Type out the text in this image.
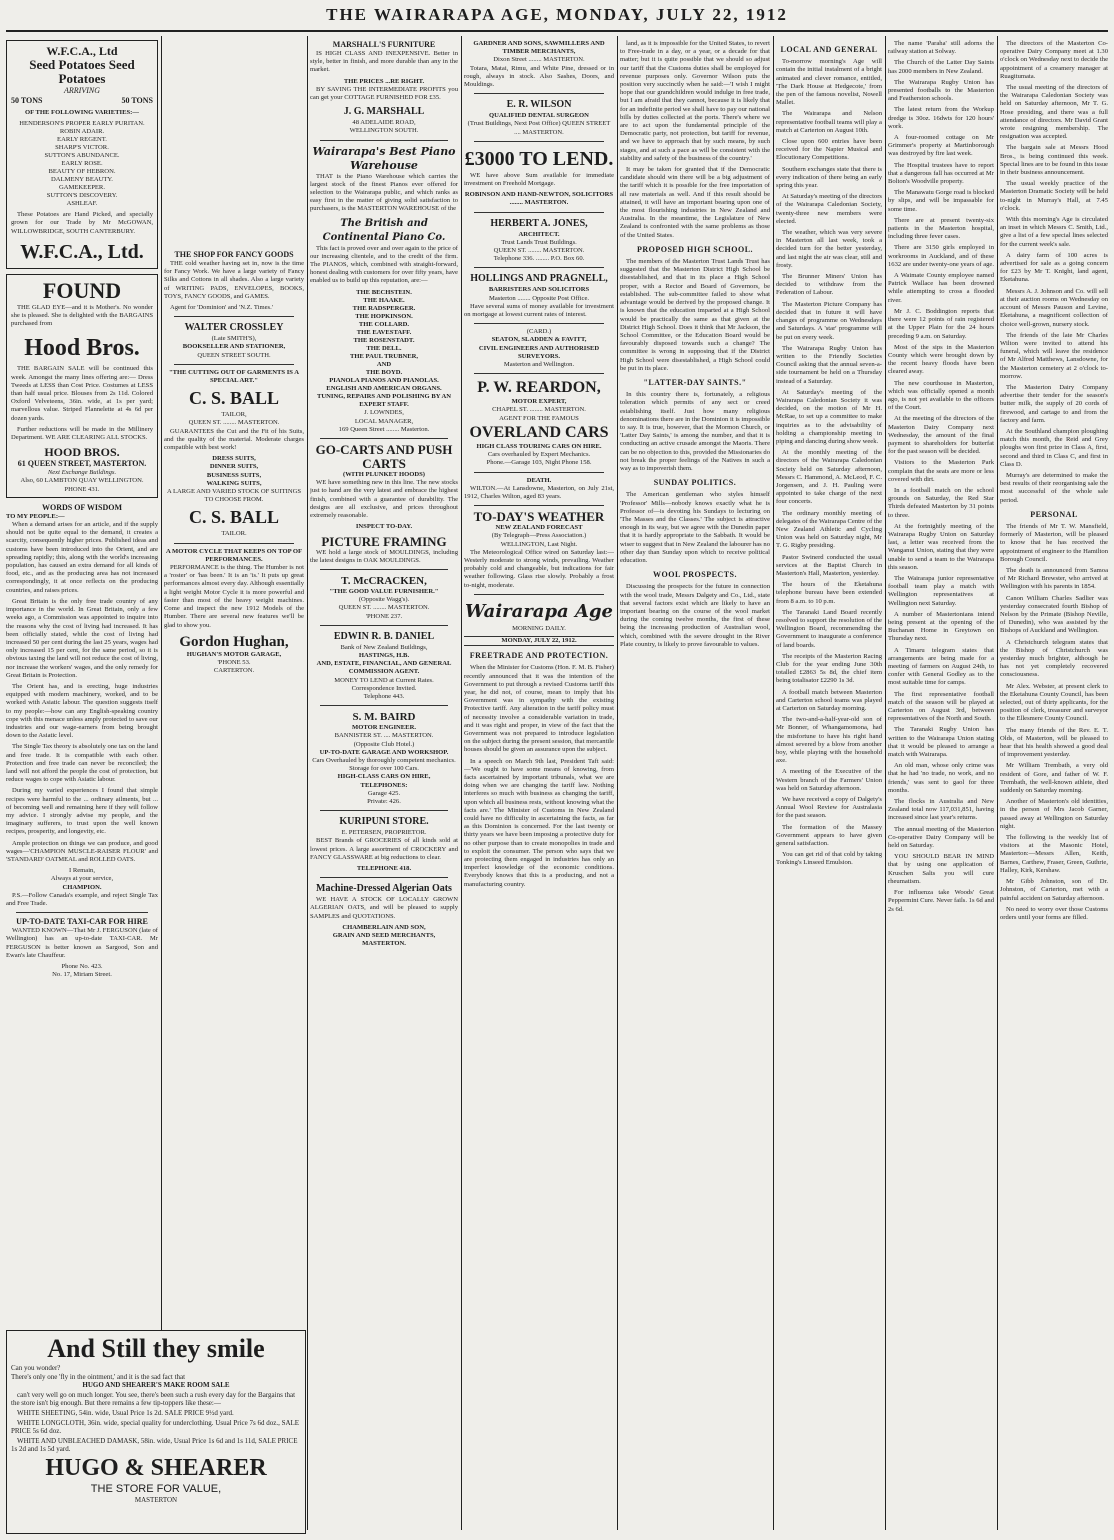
THE WAIRARAPA AGE, MONDAY, JULY 22, 1912
W.F.C.A., Ltd
Seed Potatoes Seed Potatoes
ARRIVING
50 TONS	50 TONS
OF THE FOLLOWING VARIETIES:—
HENDERSON'S PROPER EARLY PURITAN.
ROBIN ADAIR.
EARLY REGENT.
SHARP'S VICTOR.
SUTTON'S ABUNDANCE.
EARLY ROSE.
BEAUTY OF HEBRON.
DALMENY BEAUTY.
GAMEKEEPER.
SUTTON'S DISCOVERY.
ASHLEAF.

These Potatoes are Hand Picked, and specially grown for our Trade by Mr McGOWAN, WILLOWBRIDGE, SOUTH CANTERBURY.

W.F.C.A., Ltd.
FOUND

THE GLAD EYE—and it is Mother's. No wonder she is pleased. She is delighted with the BARGAINS purchased from

Hood Bros.

THE BARGAIN SALE will be continued this week. Amongst the many lines offering are:— Dress Tweeds at LESS than Cost Price. Costumes at LESS than half usual price. Blouses from 2s 11d. Colored Oxford Velveteens, 36in. wide, at 1s per yard; marvellous value. Striped Flannelette at 4s 6d per dozen yards.

Further reductions will be made in the Millinery Department. WE ARE CLEARING ALL STOCKS.

HOOD BROS.
61 QUEEN STREET, MASTERTON.
Next Exchange Buildings.
Also, 60 LAMBTON QUAY WELLINGTON.
PHONE 431.
WORDS OF WISDOM
TO MY PEOPLE:—

When a demand arises for an article, and if the supply should not be quite equal to the demand, it creates a scarcity, consequently higher prices. Published ideas and customs have been introduced into the Orient, and are spreading rapidly; this, along with the world's increasing population, has caused an extra demand for all kinds of food, etc., and as the producing area has not increased correspondingly, it at once reflects on the producing countries, and raises prices.

Great Britain is the only free trade country of any importance in the world. In Great Britain, only a few weeks ago, a Commission was appointed to inquire into the reasons why the cost of living had increased. It has been officially stated, while the cost of living had increased 50 per cent during the last 25 years, wages had only increased 15 per cent, for the same period, so it is obvious taxing the land will not reduce the cost of living, nor increase the workers' wages, and the only remedy for Great Britain is Protection.

The Orient has, and is erecting, huge industries equipped with modern machinery, worked, and to be worked with Asiatic labour. The question suggests itself to my people:—how can any English-speaking country cope with this menace unless amply protected to save our industries and our wage-earners from being brought down to the Asiatic level.

The Single Tax theory is absolutely one tax on the land and free trade. It is compatible with each other. Protection and free trade can never be reconciled; the land will not afford the people the cost of protection, but reduce wages to cope with Asiatic labour.

During my varied experiences I found that simple recipes were harmful to the ... ordinary ailments, but ... of becoming well and remaining here if they will follow my advice. I strongly advise my people, and the imaginary sufferers, to trust upon the well known recipes, prosperity, and longevity, etc.

Ample protection on things we can produce, and good wages—'CHAMPION MUSCLE-RAISER FLOUR' and 'STANDARD' OATMEAL and ROLLED OATS.

I Remain,
Always at your service,
CHAMPION.

P.S.—Follow Canada's example, and reject Single Tax and Free Trade.

UP-TO-DATE TAXI-CAR FOR HIRE

WANTED KNOWN—That Mr J. FERGUSON (late of Wellington) has an up-to-date TAXI-CAR. Mr FERGUSON is better known as Sargood, Son and Ewan's late Chauffeur.

Phone No. 423.
No. 17, Miriam Street.
THE SHOP FOR FANCY GOODS

THE cold weather having set in, now is the time for Fancy Work. We have a large variety of Fancy Silks and Cottons in all shades. Also a large variety of WRITING PADS, ENVELOPES, BOOKS, TOYS, FANCY GOODS, and GAMES.

Agent for 'Dominion' and 'N.Z. Times.'

WALTER CROSSLEY
(Late SMITH'S),
BOOKSELLER AND STATIONER,
QUEEN STREET SOUTH.
"THE CUTTING OUT OF GARMENTS IS A SPECIAL ART."
C. S. BALL
TAILOR,
QUEEN ST. ........ MASTERTON.

GUARANTEES the Cut and the Fit of his Suits, and the quality of the material. Moderate charges compatible with best work!

DRESS SUITS,
DINNER SUITS,
BUSINESS SUITS,
WALKING SUITS,
A LARGE AND VARIED STOCK OF SUITINGS TO CHOOSE FROM.
C. S. BALL
TAILOR.
A MOTOR CYCLE THAT KEEPS ON TOP OF PERFORMANCES.

PERFORMANCE is the thing. The Humber is not a 'roster' or 'has been.' It is an 'is.' It puts up great performances almost every day. Although essentially a light weight Motor Cycle it is more powerful and faster than most of the heavy weight machines. Come and inspect the new 1912 Models of the Humber. There are several new features we'll be glad to show you.

Gordon Hughan,
HUGHAN'S MOTOR GARAGE,
'PHONE 53.
CARTERTON.
MARSHALL'S FURNITURE

IS HIGH CLASS AND INEXPENSIVE. Better in style, better in finish, and more durable than any in the market.

THE PRICES ...RE RIGHT.

BY SAVING THE INTERMEDIATE PROFITS you can get your COTTAGE FURNISHED FOR £35.

J. G. MARSHALL
48 ADELAIDE ROAD,
WELLINGTON SOUTH.
Wairarapa's Best Piano Warehouse

THAT is the Piano Warehouse which carries the largest stock of the finest Pianos ever offered for selection to the Wairarapa public, and which ranks as easy first in the matter of giving solid satisfaction to purchasers, is the MASTERTON WAREHOUSE of the

The British and Continental Piano Co.

This fact is proved over and over again to the price of our increasing clientele, and to the credit of the firm. The PIANOS, which, combined with straight-forward, honest dealing with customers for over fifty years, have enabled us to build up this reputation, are:—

THE BECHSTEIN.
THE HAAKE.
THE RADSPERGER.
THE HOPKINSON.
THE COLLARD.
THE EAVESTAFF.
THE ROSENSTADT.
THE DELL.
THE PAUL TRUBNER,
AND
THE BOYD.
PIANOLA PIANOS AND PIANOLAS.
ENGLISH AND AMERICAN ORGANS.
TUNING, REPAIRS AND POLISHING BY AN EXPERT STAFF.
J. LOWNDES,
LOCAL MANAGER,
169 Queen Street ........ Masterton.
GO-CARTS AND PUSH CARTS
(WITH PLUNKET HOODS)

WE have something new in this line. The new stocks just to hand are the very latest and embrace the highest finish, combined with a guarantee of durability. The designs are all exclusive, and prices throughout extremely reasonable.

INSPECT TO-DAY.
PICTURE FRAMING

WE hold a large stock of MOULDINGS, including the latest designs in OAK MOULDINGS.

T. McCRACKEN,
"THE GOOD VALUE FURNISHER."
(Opposite Wagg's).
QUEEN ST. ........ MASTERTON.
'PHONE 237.
EDWIN R. B. DANIEL
Bank of New Zealand Buildings,
HASTINGS, H.B.
AND, ESTATE, FINANCIAL, AND GENERAL COMMISSION AGENT.
MONEY TO LEND at Current Rates.
Correspondence Invited.
Telephone 443.
S. M. BAIRD
MOTOR ENGINEER.
BANNISTER ST. .... MASTERTON.
(Opposite Club Hotel.)
UP-TO-DATE GARAGE AND WORKSHOP.
Cars Overhauled by thoroughly competent mechanics.
Storage for over 100 Cars.
HIGH-CLASS CARS ON HIRE,
TELEPHONES:
Garage 425.
Private: 426.
KURIPUNI STORE.
E. PETERSEN, PROPRIETOR.

BEST Brands of GROCERIES of all kinds sold at lowest prices. A large assortment of CROCKERY and FANCY GLASSWARE at big reductions to clear.

TELEPHONE 418.
Machine-Dressed Algerian Oats

WE HAVE A STOCK OF LOCALLY GROWN ALGERIAN OATS, and will be pleased to supply SAMPLES and QUOTATIONS.

CHAMBERLAIN AND SON,
GRAIN AND SEED MERCHANTS,
MASTERTON.
GARDNER AND SONS, SAWMILLERS AND TIMBER MERCHANTS,
Dixon Street ........ MASTERTON.

Totara, Matai, Rimu, and White Pine, dressed or in rough, always in stock. Also Sashes, Doors, and Mouldings.

E. R. WILSON
QUALIFIED DENTAL SURGEON
(Trust Buildings, Next Post Office) QUEEN STREET .... MASTERTON.
£3000 TO LEND.

WE have above Sum available for immediate investment on Freehold Mortgage.

ROBINSON AND HAND-NEWTON, SOLICITORS ........ MASTERTON.
HERBERT A. JONES,
ARCHITECT.
Trust Lands Trust Buildings.
QUEEN ST. ........ MASTERTON.
Telephone 336. ........ P.O. Box 60.
HOLLINGS AND PRAGNELL,
BARRISTERS AND SOLICITORS
Masterton ........ Opposite Post Office.

Have several sums of money available for investment on mortgage at lowest current rates of interest.

(CARD.)
SEATON, SLADDEN & FAVITT,
CIVIL ENGINEERS AND AUTHORISED SURVEYORS.
Masterton and Wellington.
P. W. REARDON,
MOTOR EXPERT,
CHAPEL ST. ........ MASTERTON.
AGENT FOR THE FAMOUS
OVERLAND CARS
HIGH CLASS TOURING CARS ON HIRE.
Cars overhauled by Expert Mechanics.
Phone.—Garage 103, Night Phone 158.
DEATH.

WILTON.—At Lansdowne, Masterton, on July 21st, 1912, Charles Wilton, aged 83 years.

TO-DAY'S WEATHER
NEW ZEALAND FORECAST
(By Telegraph—Press Association.)
WELLINGTON, Last Night.

The Meteorological Office wired on Saturday last:— Westerly moderate to strong winds, prevailing. Weather probably cold and changeable, but indications for fair weather following. Glass rise slowly. Probably a frost to-night, moderate.

Wairarapa Age
MORNING DAILY.
MONDAY, JULY 22, 1912.
FREETRADE AND PROTECTION.

When the Minister for Customs (Hon. F. M. B. Fisher) recently announced that it was the intention of the Government to put through a revised Customs tariff this year, he did not, of course, mean to imply that his Government was in sympathy with the existing Protective tariff. Any alteration in the tariff policy must of necessity involve a considerable variation in trade, and it was right and proper, in view of the fact that the Government was not prepared to introduce legislation on the subject during the present session, that mercantile houses should be given an assurance upon the subject.

In a speech on March 9th last, President Taft said:—'We ought to have some means of knowing, from facts ascertained by important tribunals, what we are doing when we are changing the tariff law. Nothing interferes so much with business as changing the tariff, upon which all business rests, without knowing what the facts are.' The Minister of Customs in New Zealand could have no difficulty in ascertaining the facts, as far as this Dominion is concerned. For the last twenty or thirty years we have been imposing a protective duty for no other purpose than to create monopolies in trade and to exploit the consumer. The person who says that we are protecting them engaged in industries has only an imperfect knowledge of the economic conditions. Everybody knows that this is a producing, and not a manufacturing country.

land, as it is impossible for the United States, to revert to Free-trade in a day, or a year, or a decade for that matter; but it is quite possible that we should so adjust our tariff that the Customs duties shall be employed for revenue purposes only. Governor Wilson puts the position very succinctly when he said:—'I wish I might hope that our grandchildren would indulge in free trade, but I am afraid that they cannot, because it is likely that for an indefinite period we shall have to pay our national bills by duties collected at the ports. There's where we are to act upon the fundamental principle of the Democratic party, not protection, but tariff for revenue, and we have to approach that by such means, by such stages, and at such a pace as will be consistent with the stability and safety of the business of the country.'

It may be taken for granted that if the Democratic candidate should win there will be a big adjustment of the tariff which it is possible for the free importation of all raw materials as well. And if this result should be attained, it will have an important bearing upon one of the most flourishing industries in New Zealand and Australia. In the meantime, the Legislature of New Zealand is confronted with the same problems as those of the United States.

PROPOSED HIGH SCHOOL.

The members of the Masterton Trust Lands Trust has suggested that the Masterton District High School be disestablished, and that in its place a High School proper, with a Rector and Board of Governors, be established. The sub-committee failed to show what advantage would be derived by the proposed change. It is known that the education imparted at a High School would be practically the same as that given at the District High School. Does it think that Mr Jackson, the School Committee, or the Education Board would be favourably disposed towards such a change? The committee is wrong in supposing that if the District High School were disestablished, a High School could be put in its place.

"LATTER-DAY SAINTS."

In this country there is, fortunately, a religious toleration which permits of any sect or creed establishing itself. Just how many religious denominations there are in the Dominion it is impossible to say. It is true, however, that the Mormon Church, or 'Latter Day Saints,' is among the number, and that it is conducting an active crusade amongst the Maoris. There can be no objection to this, provided the Missionaries do not break the proper feelings of the Natives in such a way as to impoverish them.

SUNDAY POLITICS.

The American gentleman who styles himself 'Professor' Mills—nobody knows exactly what he is Professor of—is devoting his Sundays to lecturing on 'The Masses and the Classes.' The subject is attractive enough in its way, but we agree with the Dunedin paper that it is hardly appropriate to the Sabbath. It would be wiser to suggest that in New Zealand the labourer has no other day than Sunday upon which to receive political education.

WOOL PROSPECTS.

Discussing the prospects for the future in connection with the wool trade, Messrs Dalgety and Co., Ltd., state that several factors exist which are likely to have an important bearing on the course of the wool market during the coming twelve months, the first of these being the increasing production of Australian wool, which, combined with the severe drought in the River Plate country, is likely to prove favourable to values.

LOCAL AND GENERAL

To-morrow morning's Age will contain the initial instalment of a bright animated and clever romance, entitled, 'The Dark House at Hedgecote,' from the pen of the famous novelist, Nowell Mallet.

The Wairarapa and Nelson representative football teams will play a match at Carterton on August 10th.

Close upon 600 entries have been received for the Napier Musical and Elocutionary Competitions.

Southern exchanges state that there is every indication of there being an early spring this year.

At Saturday's meeting of the directors of the Wairarapa Caledonian Society, twenty-three new members were elected.

The weather, which was very severe in Masterton all last week, took a decided turn for the better yesterday, and last night the air was clear, still and frosty.

The Brunner Miners' Union has decided to withdraw from the Federation of Labour.

The Masterton Picture Company has decided that in future it will have changes of programme on Wednesdays and Saturdays. A 'star' programme will be put on every week.

The Wairarapa Rugby Union has written to the Friendly Societies Council asking that the annual seven-a-side tournament be held on a Thursday instead of a Saturday.

At Saturday's meeting of the Wairarapa Caledonian Society it was decided, on the motion of Mr H. McRae, to set up a committee to make inquiries as to the advisability of holding a championship meeting in piping and dancing during show week.

At the monthly meeting of the directors of the Wairarapa Caledonian Society held on Saturday afternoon, Messrs C. Hammond, A. McLeod, F. C. Jorgensen, and J. H. Pauling were appointed to take charge of the next four concerts.

The ordinary monthly meeting of delegates of the Wairarapa Centre of the New Zealand Athletic and Cycling Union was held on Saturday night, Mr T. G. Rigby presiding.

Pastor Swinerd conducted the usual services at the Baptist Church in Masterton's Hall, Masterton, yesterday.

The hours of the Eketahuna telephone bureau have been extended from 8 a.m. to 10 p.m.

The Taranaki Land Board recently resolved to support the resolution of the Wellington Board, recommending the Government to inaugurate a conference of land boards.

The receipts of the Masterton Racing Club for the year ending June 30th totalled £2863 5s 8d, the chief item being totalisator £2290 1s 3d.

A football match between Masterton and Carterton school teams was played at Carterton on Saturday morning.

The two-and-a-half-year-old son of Mr Bonner, of Whangamomona, had the misfortune to have his right hand almost severed by a blow from another boy, while playing with the household axe.

A meeting of the Executive of the Western branch of the Farmers' Union was held on Saturday afternoon.

We have received a copy of Dalgety's Annual Wool Review for Australasia for the past season.

The formation of the Massey Government appears to have given general satisfaction.

You can get rid of that cold by taking Tonking's Linseed Emulsion.

The name 'Paraha' still adorns the railway station at Solway.

The Church of the Latter Day Saints has 2000 members in New Zealand.

The Wairarapa Rugby Union has presented footballs to the Masterton and Featherston schools.

The latest return from the Workup dredge is 30oz. 16dwts for 120 hours' work.

A four-roomed cottage on Mr Grimmer's property at Martinborough was destroyed by fire last week.

The Hospital trustees have to report that a dangerous fall has occurred at Mr Bolton's Woodville property.

The Manawatu Gorge road is blocked by slips, and will be impassable for some time.

There are at present twenty-six patients in the Masterton hospital, including three fever cases.

There are 3150 girls employed in workrooms in Auckland, and of these 1632 are under twenty-one years of age.

A Waimate County employee named Patrick Wallace has been drowned while attempting to cross a flooded river.

Mr J. C. Boddington reports that there were 12 points of rain registered at the Upper Plain for the 24 hours preceding 9 a.m. on Saturday.

Most of the sips in the Masterton County which were brought down by the recent heavy floods have been cleared away.

The new courthouse in Masterton, which was officially opened a month ago, is not yet available to the officers of the Court.

At the meeting of the directors of the Masterton Dairy Company next Wednesday, the amount of the final payment to shareholders for butterfat for the past season will be decided.

Visitors to the Masterton Park complain that the seats are more or less covered with dirt.

In a football match on the school grounds on Saturday, the Red Star Thirds defeated Masterton by 31 points to three.

At the fortnightly meeting of the Wairarapa Rugby Union on Saturday last, a letter was received from the Wanganui Union, stating that they were unable to send a team to the Wairarapa this season.

The Wairarapa junior representative football team play a match with Wellington representatives at Wellington next Saturday.

A number of Mastertonians intend being present at the opening of the Buchanan Home in Greytown on Thursday next.

A Timaru telegram states that arrangements are being made for a meeting of farmers on August 24th, to confer with General Godley as to the most suitable time for camps.

The first representative football match of the season will be played at Carterton on August 3rd, between representatives of the North and South.

The Taranaki Rugby Union has written to the Wairarapa Union stating that it would be pleased to arrange a match with Wairarapa.

An old man, whose only crime was that he had 'no trade, no work, and no friends,' was sent to gaol for three months.

The flocks in Australia and New Zealand total now 117,031,851, having increased since last year's returns.

The annual meeting of the Masterton Co-operative Dairy Company will be held on Saturday.

YOU SHOULD BEAR IN MIND that by using one application of Kruschen Salts you will cure rheumatism.

For influenza take Woods' Great Peppermint Cure. Never fails. 1s 6d and 2s 6d.

The directors of the Masterton Co-operative Dairy Company meet at 1.30 o'clock on Wednesday next to decide the appointment of a creamery manager at Ruagitumata.

The usual meeting of the directors of the Wairarapa Caledonian Society was held on Saturday afternoon, Mr T. G. Hose presiding, and there was a full attendance of directors. Mr David Grant wrote resigning membership. The resignation was accepted.

The bargain sale at Messrs Hood Bros., is being continued this week. Special lines are to be found in this issue in their business announcement.

The usual weekly practice of the Masterton Dramatic Society will be held to-night in Murray's Hall, at 7.45 o'clock.

With this morning's Age is circulated an inset in which Messrs C. Smith, Ltd., give a list of a few special lines selected for the current week's sale.

A dairy farm of 100 acres is advertised for sale as a going concern for £23 by Mr T. Knight, land agent, Eketahuna.

Messrs A. J. Johnson and Co. will sell at their auction rooms on Wednesday on account of Messrs Pauson and Levine, Eketahuna, a magnificent collection of choice well-grown, nursery stock.

The friends of the late Mr Charles Wilton were invited to attend his funeral, which will leave the residence of Mr Alfred Matthews, Lansdowne, for the Masterton cemetery at 2 o'clock to-morrow.

The Masterton Dairy Company advertise their tender for the season's butter milk, the supply of 20 cords of firewood, and cartage to and from the factory and farm.

At the Southland champion ploughing match this month, the Reid and Grey ploughs won first prize in Class A, first, second and third in Class C, and first in Class D.

Murray's are determined to make the best results of their reorganising sale the most successful of the whole sale period.

PERSONAL

The friends of Mr T. W. Mansfield, formerly of Masterton, will be pleased to know that he has received the appointment of engineer to the Hamilton Borough Council.

The death is announced from Samoa of Mr Richard Brewster, who arrived at Wellington with his parents in 1854.

Canon William Charles Sadlier was yesterday consecrated fourth Bishop of Nelson by the Primate (Bishop Neville, of Dunedin), who was assisted by the Bishops of Auckland and Wellington.

A Christchurch telegram states that the Bishop of Christchurch was yesterday much brighter, although he has not yet completely recovered consciousness.

Mr Alex. Webster, at present clerk to the Eketahuna County Council, has been selected, out of thirty applicants, for the position of clerk, treasurer and surveyor to the Ellesmere County Council.

The many friends of the Rev. E. T. Olds, of Masterton, will be pleased to hear that his health showed a good deal of improvement yesterday.

Mr William Trembath, a very old resident of Gore, and father of W. F. Trembath, the well-known athlete, died suddenly on Saturday morning.

Another of Masterton's old identities, in the person of Mrs Jacob Garner, passed away at Wellington on Saturday night.

The following is the weekly list of visitors at the Masonic Hotel, Masterton:—Messrs Allen, Keith, Barnes, Carthew, Fraser, Green, Guthrie, Halley, Kirk, Kershaw.

Mr Gibb Johnston, son of Dr. Johnston, of Carterton, met with a painful accident on Saturday afternoon.

No need to worry over those Customs orders until your forms are filled.

And Still they smile
Can you wonder?
There's only one 'fly in the ointment,' and it is the sad fact that
HUGO AND SHEARER'S MAKE ROOM SALE

can't very well go on much longer. You see, there's been such a rush every day for the Bargains that the store isn't big enough. But there remains a few tip-toppers like these:—

WHITE SHEETING, 54in. wide, Usual Price 1s 2d. SALE PRICE 9½d yard.

WHITE LONGCLOTH, 36in. wide, special quality for underclothing. Usual Price 7s 6d doz., SALE PRICE 5s 6d doz.

WHITE AND UNBLEACHED DAMASK, 58in. wide, Usual Price 1s 6d and 1s 11d, SALE PRICE 1s 2d and 1s 5d yard.

HUGO & SHEARER
THE STORE FOR VALUE,
MASTERTON
